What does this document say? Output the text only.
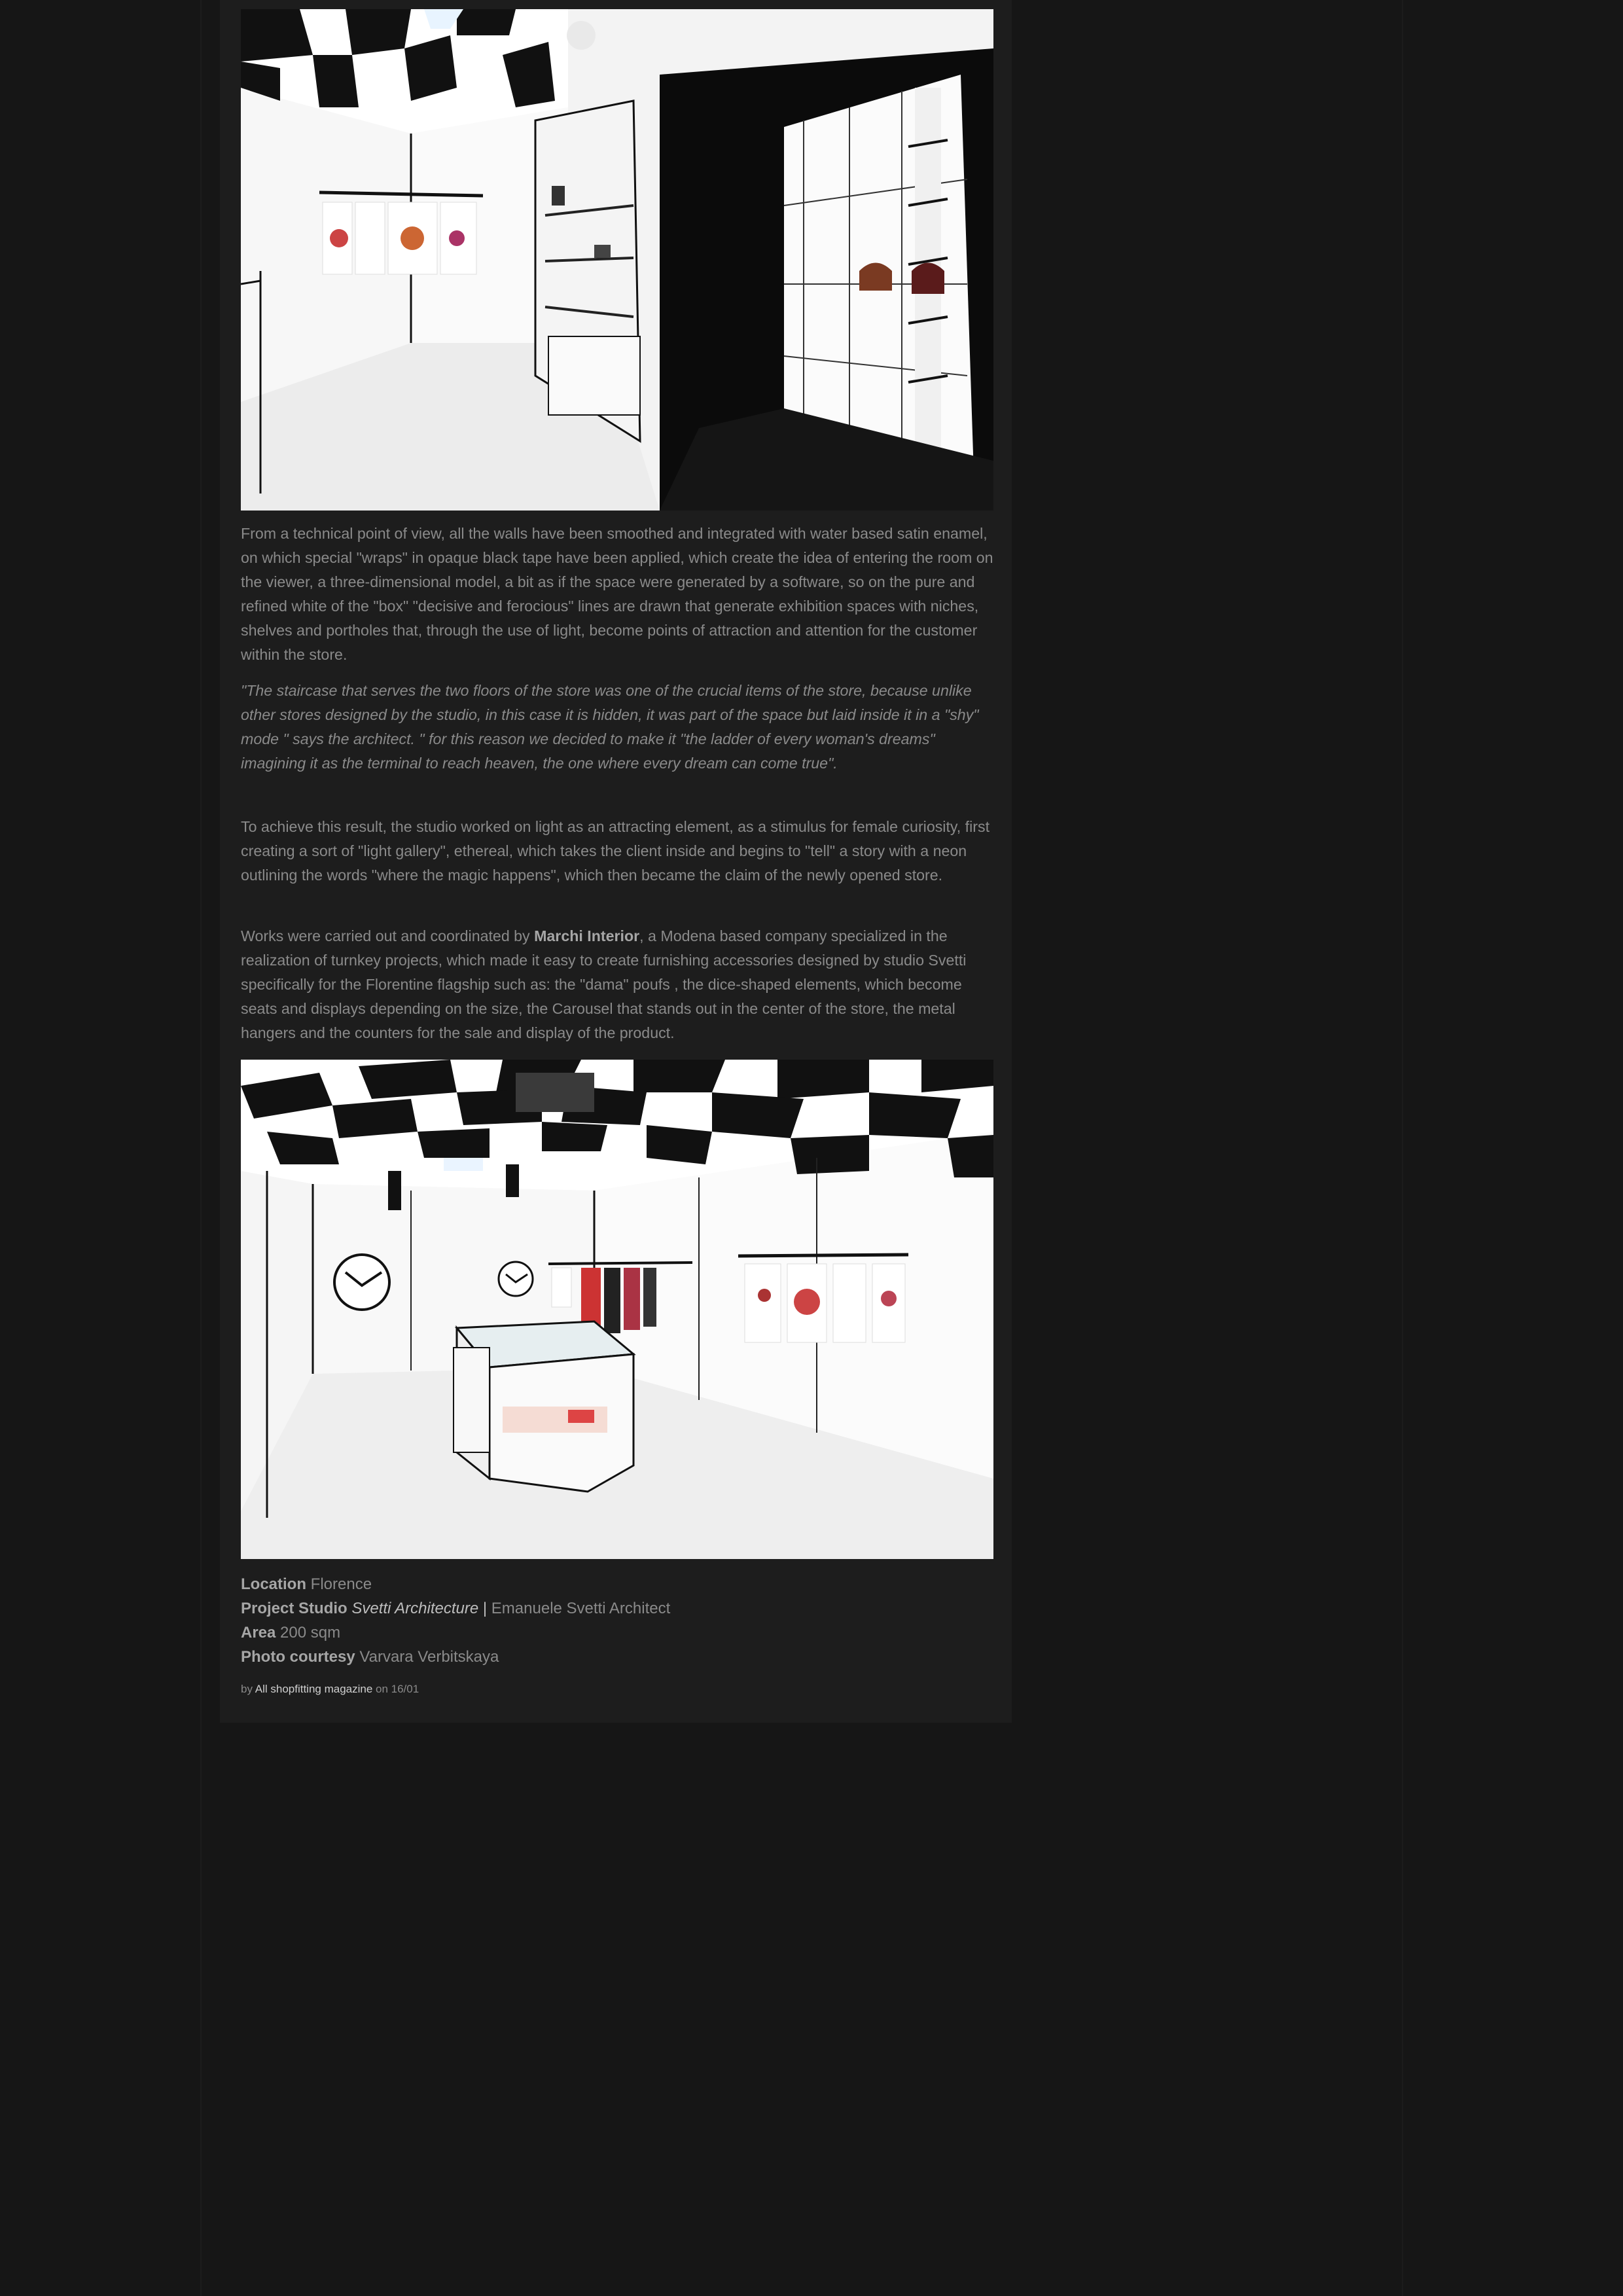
From a technical point of view, all the walls have been smoothed and integrated with water based satin enamel, on which special "wraps" in opaque black tape have been applied, which create the idea of entering the room on the viewer, a three-dimensional model, a bit as if the space were generated by a software, so on the pure and refined white of the "box" "decisive and ferocious" lines are drawn that generate exhibition spaces with niches, shelves and portholes that, through the use of light, become points of attraction and attention for the customer within the store.

"The staircase that serves the two floors of the store was one of the crucial items of the store, because unlike other stores designed by the studio, in this case it is hidden, it was part of the space but laid inside it in a "shy" mode " says the architect. " for this reason we decided to make it "the ladder of every woman's dreams" imagining it as the terminal to reach heaven, the one where every dream can come true".

To achieve this result, the studio worked on light as an attracting element, as a stimulus for female curiosity, first creating a sort of "light gallery", ethereal, which takes the client inside and begins to "tell" a story with a neon outlining the words "where the magic happens", which then became the claim of the newly opened store.

Works were carried out and coordinated by Marchi Interior, a Modena based company specialized in the realization of turnkey projects, which made it easy to create furnishing accessories designed by studio Svetti specifically for the Florentine flagship such as: the "dama" poufs , the dice-shaped elements, which become seats and displays depending on the size, the Carousel that stands out in the center of the store, the metal hangers and the counters for the sale and display of the product.

Location Florence
Project Studio Svetti Architecture | Emanuele Svetti Architect
Area 200 sqm
Photo courtesy Varvara Verbitskaya
by All shopfitting magazine on 16/01
